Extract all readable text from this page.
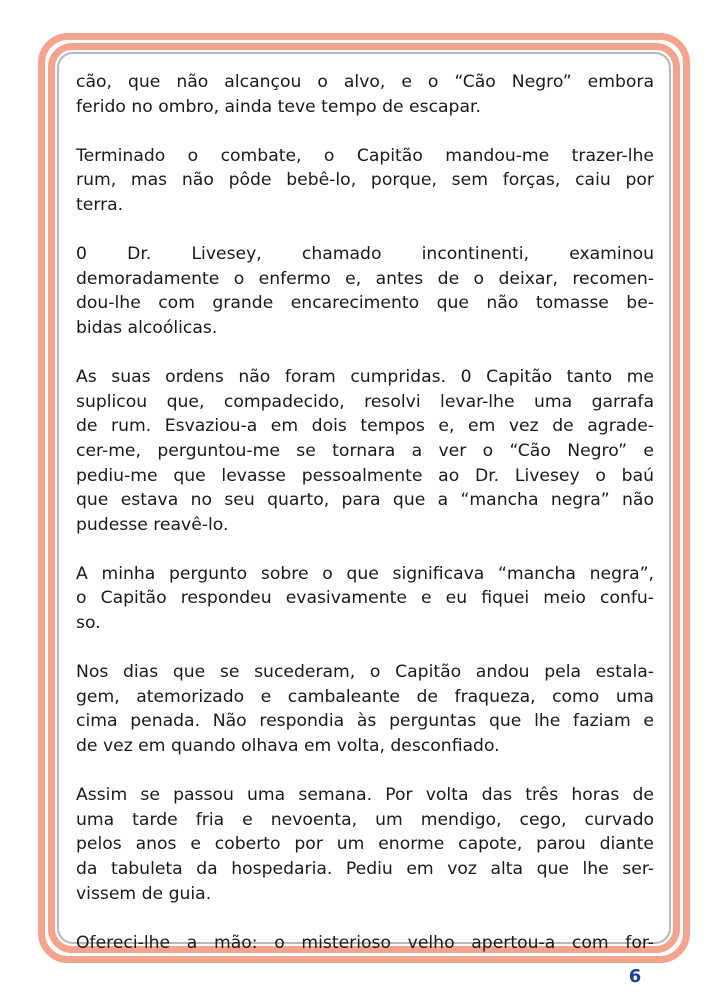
cão, que não alcançou o alvo, e o “Cão Negro” embora
ferido no ombro, ainda teve tempo de escapar.
Terminado o combate, o Capitão mandou-me trazer-lhe
rum, mas não pôde bebê-lo, porque, sem forças, caiu por
terra.
0 Dr. Livesey, chamado incontinenti, examinou
demoradamente o enfermo e, antes de o deixar, recomen-
dou-lhe com grande encarecimento que não tomasse be-
bidas alcoólicas.
As suas ordens não foram cumpridas. 0 Capitão tanto me
suplicou que, compadecido, resolvi levar-lhe uma garrafa
de rum. Esvaziou-a em dois tempos e, em vez de agrade-
cer-me, perguntou-me se tornara a ver o “Cão Negro” e
pediu-me que levasse pessoalmente ao Dr. Livesey o baú
que estava no seu quarto, para que a “mancha negra” não
pudesse reavê-lo.
A minha pergunto sobre o que significava “mancha negra”,
o Capitão respondeu evasivamente e eu fiquei meio confu-
so.
Nos dias que se sucederam, o Capitão andou pela estala-
gem, atemorizado e cambaleante de fraqueza, como uma
cima penada. Não respondia às perguntas que lhe faziam e
de vez em quando olhava em volta, desconfiado.
Assim se passou uma semana. Por volta das três horas de
uma tarde fria e nevoenta, um mendigo, cego, curvado
pelos anos e coberto por um enorme capote, parou diante
da tabuleta da hospedaria. Pediu em voz alta que lhe ser-
vissem de guia.
Ofereci-lhe a mão: o misterioso velho apertou-a com for-
6
